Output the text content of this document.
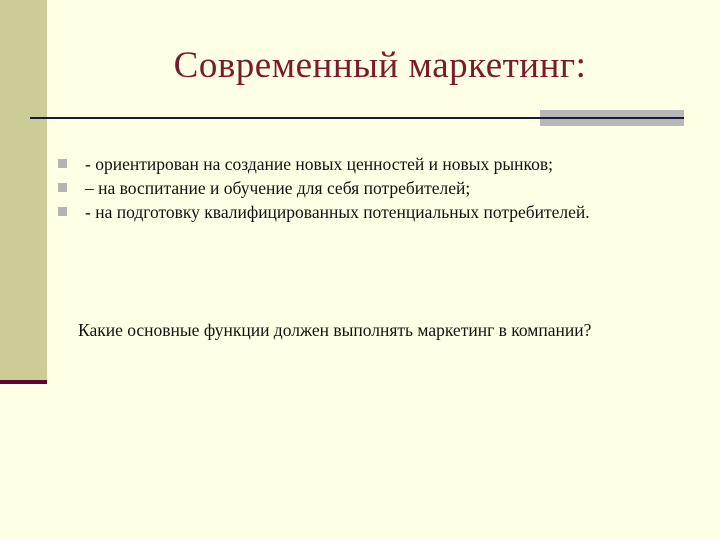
Современный маркетинг:
- ориентирован на создание новых ценностей и новых рынков;
– на воспитание и обучение для себя потребителей;
- на подготовку квалифицированных потенциальных потребителей.
Какие основные функции должен выполнять маркетинг в компании?
